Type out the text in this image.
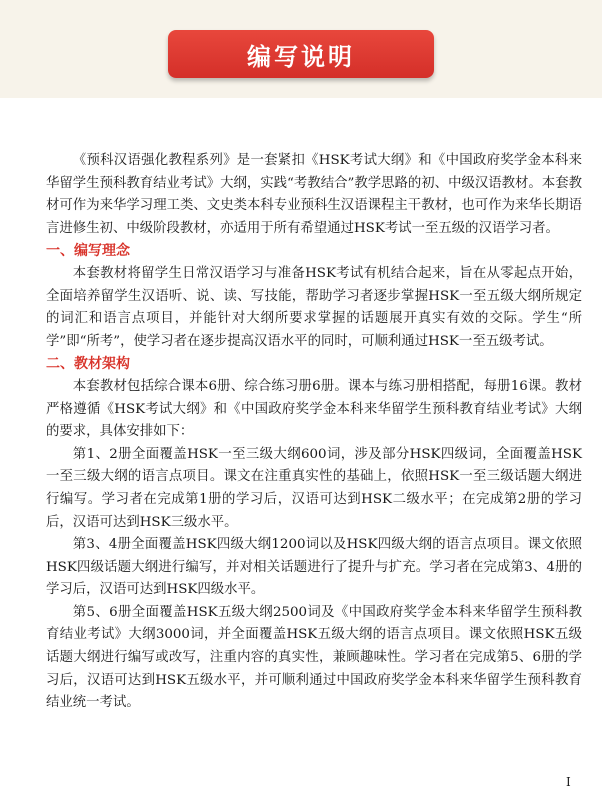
编写说明

《预科汉语强化教程系列》是一套紧扣《HSK考试大纲》和《中国政府奖学金本科来华留学生预科教育结业考试》大纲，实践“考教结合”教学思路的初、中级汉语教材。本套教材可作为来华学习理工类、文史类本科专业预科生汉语课程主干教材，也可作为来华长期语言进修生初、中级阶段教材，亦适用于所有希望通过HSK考试一至五级的汉语学习者。

一、编写理念

本套教材将留学生日常汉语学习与准备HSK考试有机结合起来，旨在从零起点开始，全面培养留学生汉语听、说、读、写技能，帮助学习者逐步掌握HSK一至五级大纲所规定的词汇和语言点项目，并能针对大纲所要求掌握的话题展开真实有效的交际。学生“所学”即“所考”，使学习者在逐步提高汉语水平的同时，可顺利通过HSK一至五级考试。

二、教材架构

本套教材包括综合课本6册、综合练习册6册。课本与练习册相搭配，每册16课。教材严格遵循《HSK考试大纲》和《中国政府奖学金本科来华留学生预科教育结业考试》大纲的要求，具体安排如下：

第1、2册全面覆盖HSK一至三级大纲600词，涉及部分HSK四级词，全面覆盖HSK一至三级大纲的语言点项目。课文在注重真实性的基础上，依照HSK一至三级话题大纲进行编写。学习者在完成第1册的学习后，汉语可达到HSK二级水平；在完成第2册的学习后，汉语可达到HSK三级水平。

第3、4册全面覆盖HSK四级大纲1200词以及HSK四级大纲的语言点项目。课文依照HSK四级话题大纲进行编写，并对相关话题进行了提升与扩充。学习者在完成第3、4册的学习后，汉语可达到HSK四级水平。

第5、6册全面覆盖HSK五级大纲2500词及《中国政府奖学金本科来华留学生预科教育结业考试》大纲3000词，并全面覆盖HSK五级大纲的语言点项目。课文依照HSK五级话题大纲进行编写或改写，注重内容的真实性，兼顾趣味性。学习者在完成第5、6册的学习后，汉语可达到HSK五级水平，并可顺利通过中国政府奖学金本科来华留学生预科教育结业统一考试。

I
